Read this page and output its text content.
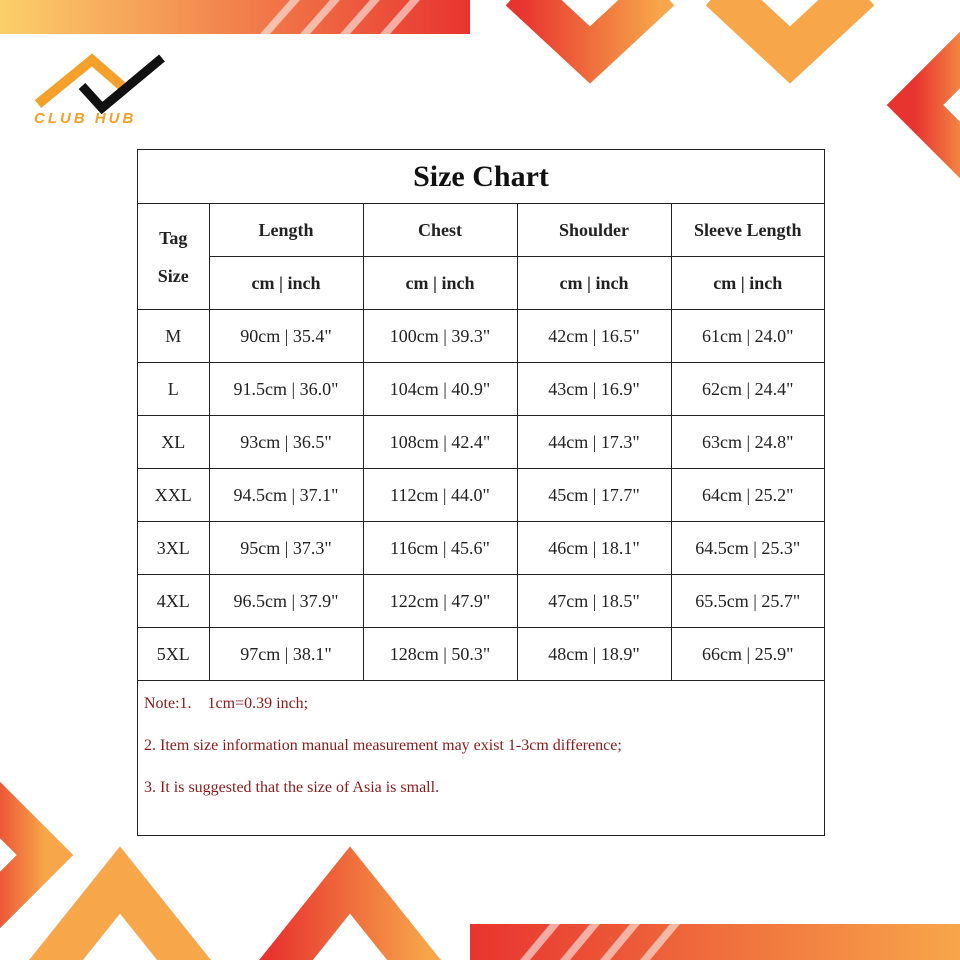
CLUB HUB

Size Chart
Tag
Size	Length	Chest	Shoulder	Sleeve Length
	cm | inch	cm | inch	cm | inch	cm | inch
M	90cm | 35.4"	100cm | 39.3"	42cm | 16.5"	61cm | 24.0"
L	91.5cm | 36.0"	104cm | 40.9"	43cm | 16.9"	62cm | 24.4"
XL	93cm | 36.5"	108cm | 42.4"	44cm | 17.3"	63cm | 24.8"
XXL	94.5cm | 37.1"	112cm | 44.0"	45cm | 17.7"	64cm | 25.2"
3XL	95cm | 37.3"	116cm | 45.6"	46cm | 18.1"	64.5cm | 25.3"
4XL	96.5cm | 37.9"	122cm | 47.9"	47cm | 18.5"	65.5cm | 25.7"
5XL	97cm | 38.1"	128cm | 50.3"	48cm | 18.9"	66cm | 25.9"

Note:1. 1cm=0.39 inch;

2. Item size information manual measurement may exist 1-3cm difference;

3. It is suggested that the size of Asia is small.
